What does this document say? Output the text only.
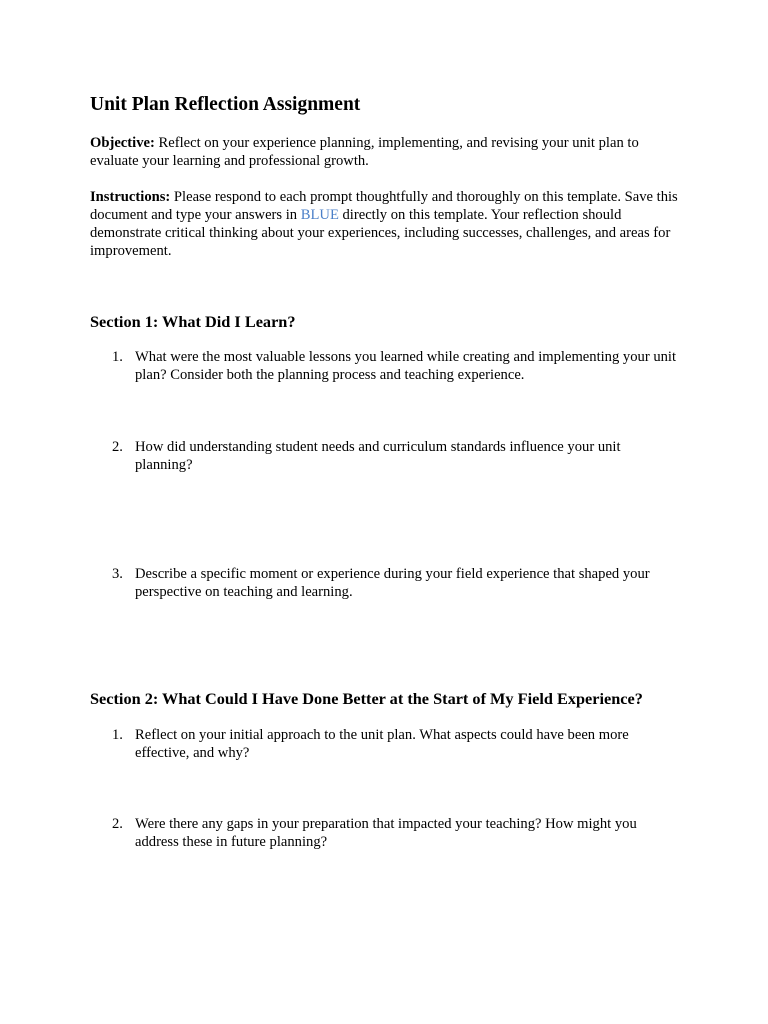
Unit Plan Reflection Assignment

Objective: Reflect on your experience planning, implementing, and revising your unit plan to evaluate your learning and professional growth.

Instructions: Please respond to each prompt thoughtfully and thoroughly on this template. Save this document and type your answers in BLUE directly on this template. Your reflection should demonstrate critical thinking about your experiences, including successes, challenges, and areas for improvement.

Section 1: What Did I Learn?
1. What were the most valuable lessons you learned while creating and implementing your unit plan? Consider both the planning process and teaching experience.
2. How did understanding student needs and curriculum standards influence your unit planning?
3. Describe a specific moment or experience during your field experience that shaped your perspective on teaching and learning.
Section 2: What Could I Have Done Better at the Start of My Field Experience?
1. Reflect on your initial approach to the unit plan. What aspects could have been more effective, and why?
2. Were there any gaps in your preparation that impacted your teaching? How might you address these in future planning?
